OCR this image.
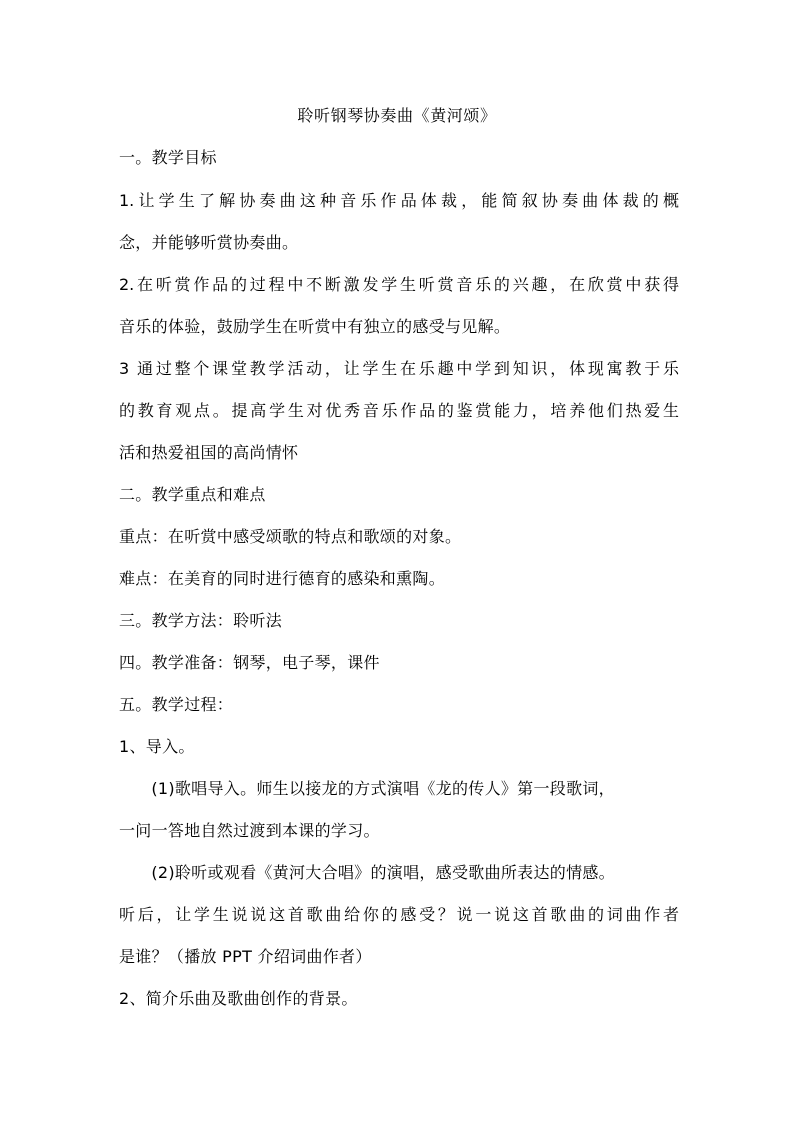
聆听钢琴协奏曲《黄河颂》
一。教学目标
1.让学生了解协奏曲这种音乐作品体裁，能简叙协奏曲体裁的概
念，并能够听赏协奏曲。
2.在听赏作品的过程中不断激发学生听赏音乐的兴趣，在欣赏中获得
音乐的体验，鼓励学生在听赏中有独立的感受与见解。
3 通过整个课堂教学活动，让学生在乐趣中学到知识，体现寓教于乐
的教育观点。提高学生对优秀音乐作品的鉴赏能力，培养他们热爱生
活和热爱祖国的高尚情怀
二。教学重点和难点
重点：在听赏中感受颂歌的特点和歌颂的对象。
难点：在美育的同时进行德育的感染和熏陶。
三。教学方法：聆听法
四。教学准备：钢琴，电子琴，课件
五。教学过程：
1、导入。
(1)歌唱导入。师生以接龙的方式演唱《龙的传人》第一段歌词，
一问一答地自然过渡到本课的学习。
(2)聆听或观看《黄河大合唱》的演唱，感受歌曲所表达的情感。
听后，让学生说说这首歌曲给你的感受？说一说这首歌曲的词曲作者
是谁？（播放 PPT 介绍词曲作者）
2、简介乐曲及歌曲创作的背景。
